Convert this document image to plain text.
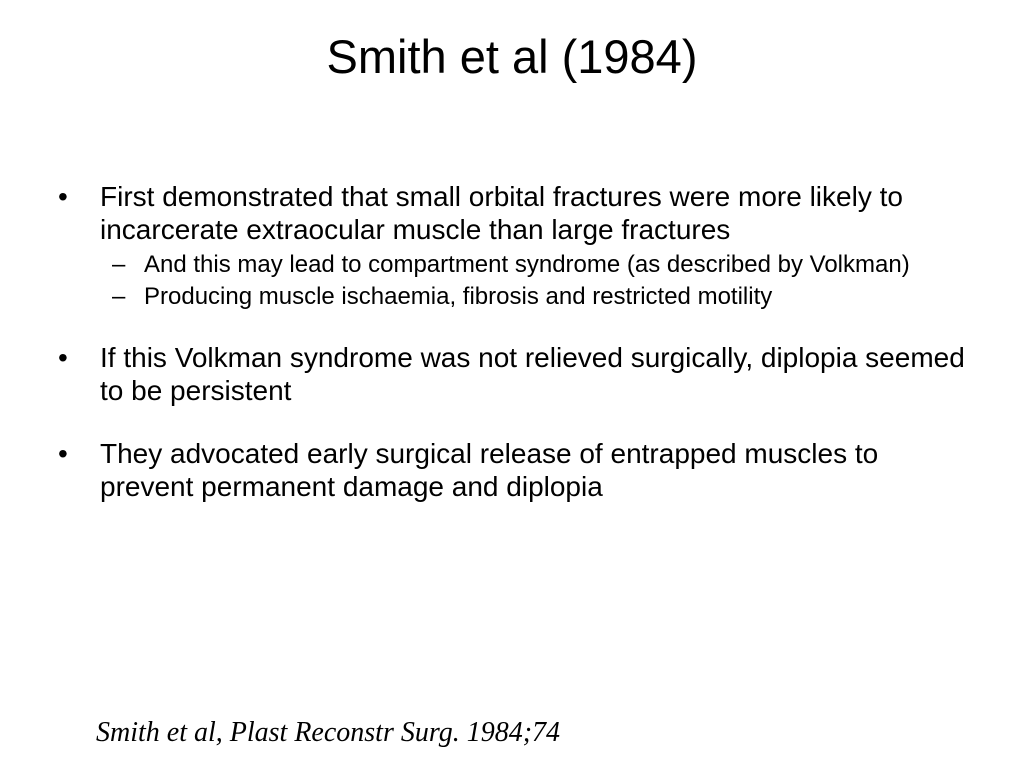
Smith et al (1984)
• First demonstrated that small orbital fractures were more likely to incarcerate extraocular muscle than large fractures
– And this may lead to compartment syndrome (as described by Volkman)
– Producing muscle ischaemia, fibrosis and restricted motility
• If this Volkman syndrome was not relieved surgically, diplopia seemed to be persistent
• They advocated early surgical release of entrapped muscles to prevent permanent damage and diplopia
Smith et al, Plast Reconstr Surg. 1984;74
